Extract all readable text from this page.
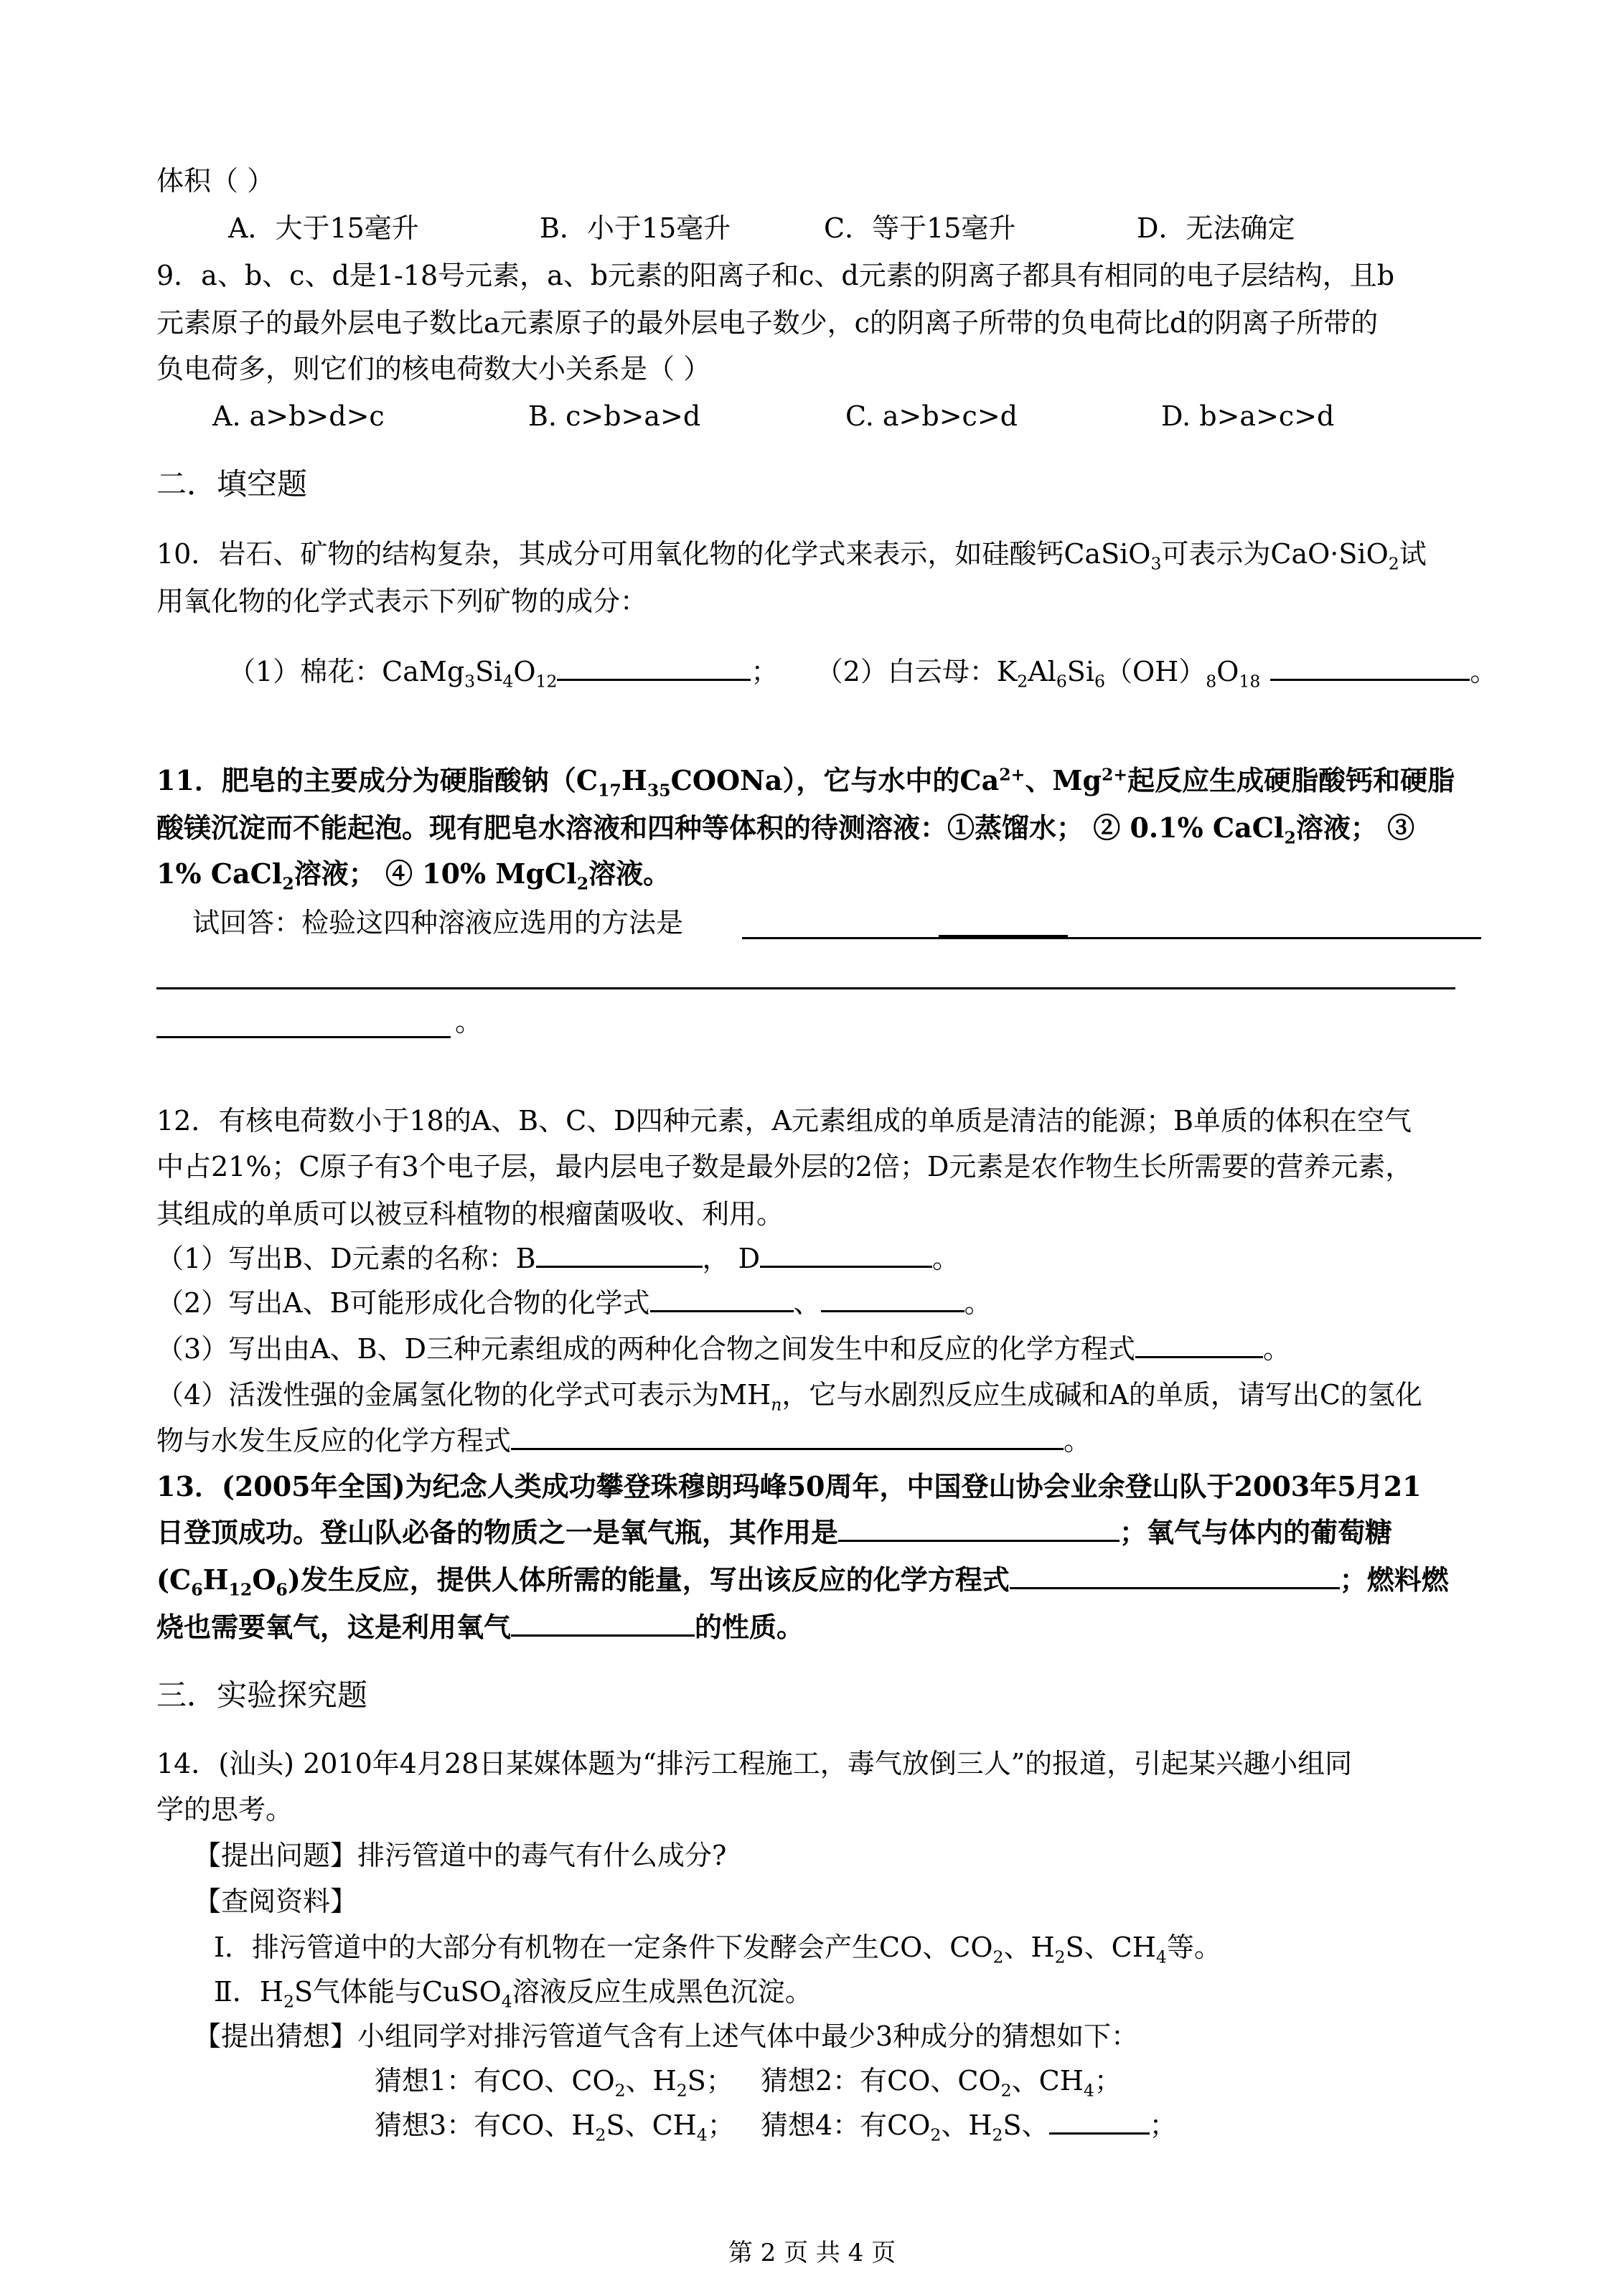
体积（ ）
A．大于15毫升	B．小于15毫升	C．等于15毫升	D．无法确定
9．a、b、c、d是1-18号元素，a、b元素的阳离子和c、d元素的阴离子都具有相同的电子层结构，且b
元素原子的最外层电子数比a元素原子的最外层电子数少，c的阴离子所带的负电荷比d的阴离子所带的
负电荷多，则它们的核电荷数大小关系是（ ）
A. a>b>d>c	B. c>b>a>d	C. a>b>c>d	D. b>a>c>d
二．填空题
10．岩石、矿物的结构复杂，其成分可用氧化物的化学式来表示，如硅酸钙CaSiO$_3$可表示为CaO·SiO$_2$试
用氧化物的化学式表示下列矿物的成分：
（1）棉花：$CaMg_3Si_4O_{12}$	； （2）白云母：$K_2Al_6Si_6(OH)_8O_{18}$	。
11．肥皂的主要成分为硬脂酸钠$(C_{17}H_{35}COONa)$，它与水中的$Ca^{2+}$、$Mg^{2+}$起反应生成硬脂酸钙和硬脂
酸镁沉淀而不能起泡。现有肥皂水溶液和四种等体积的待测溶液：①蒸馏水； ② 0.1% CaCl$_2$溶液； ③
1% CaCl$_2$溶液； ④ 10% MgCl$_2$溶液。
试回答：检验这四种溶液应选用的方法是
。
12．有核电荷数小于18的A、B、C、D四种元素，A元素组成的单质是清洁的能源；B单质的体积在空气
中占21%；C原子有3个电子层，最内层电子数是最外层的2倍；D元素是农作物生长所需要的营养元素，
其组成的单质可以被豆科植物的根瘤菌吸收、利用。
（1）写出B、D元素的名称：B	， D	。
（2）写出A、B可能形成化合物的化学式	、	。
（3）写出由A、B、D三种元素组成的两种化合物之间发生中和反应的化学方程式	。
（4）活泼性强的金属氢化物的化学式可表示为$MH_n$，它与水剧烈反应生成碱和A的单质，请写出C的氢化
物与水发生反应的化学方程式	。
13．(2005年全国)为纪念人类成功攀登珠穆朗玛峰50周年，中国登山协会业余登山队于2003年5月21
日登顶成功。登山队必备的物质之一是氧气瓶，其作用是	；氧气与体内的葡萄糖
$(C_6H_{12}O_6)$发生反应，提供人体所需的能量，写出该反应的化学方程式	；燃料燃
烧也需要氧气，这是利用氧气	的性质。
三．实验探究题
14．(汕头) 2010年4月28日某媒体题为“排污工程施工，毒气放倒三人”的报道，引起某兴趣小组同
学的思考。
【提出问题】排污管道中的毒气有什么成分?
【查阅资料】
Ⅰ．排污管道中的大部分有机物在一定条件下发酵会产生CO、$CO_2$、$H_2S$、$CH_4$等。
Ⅱ．$H_2S$气体能与CuSO$_4$溶液反应生成黑色沉淀。
【提出猜想】小组同学对排污管道气含有上述气体中最少3种成分的猜想如下：
猜想1：有CO、$CO_2$、$H_2S$； 猜想2：有CO、$CO_2$、$CH_4$；
猜想3：有CO、$H_2S$、$CH_4$； 猜想4：有$CO_2$、$H_2S$、	；
第 2 页 共 4 页
